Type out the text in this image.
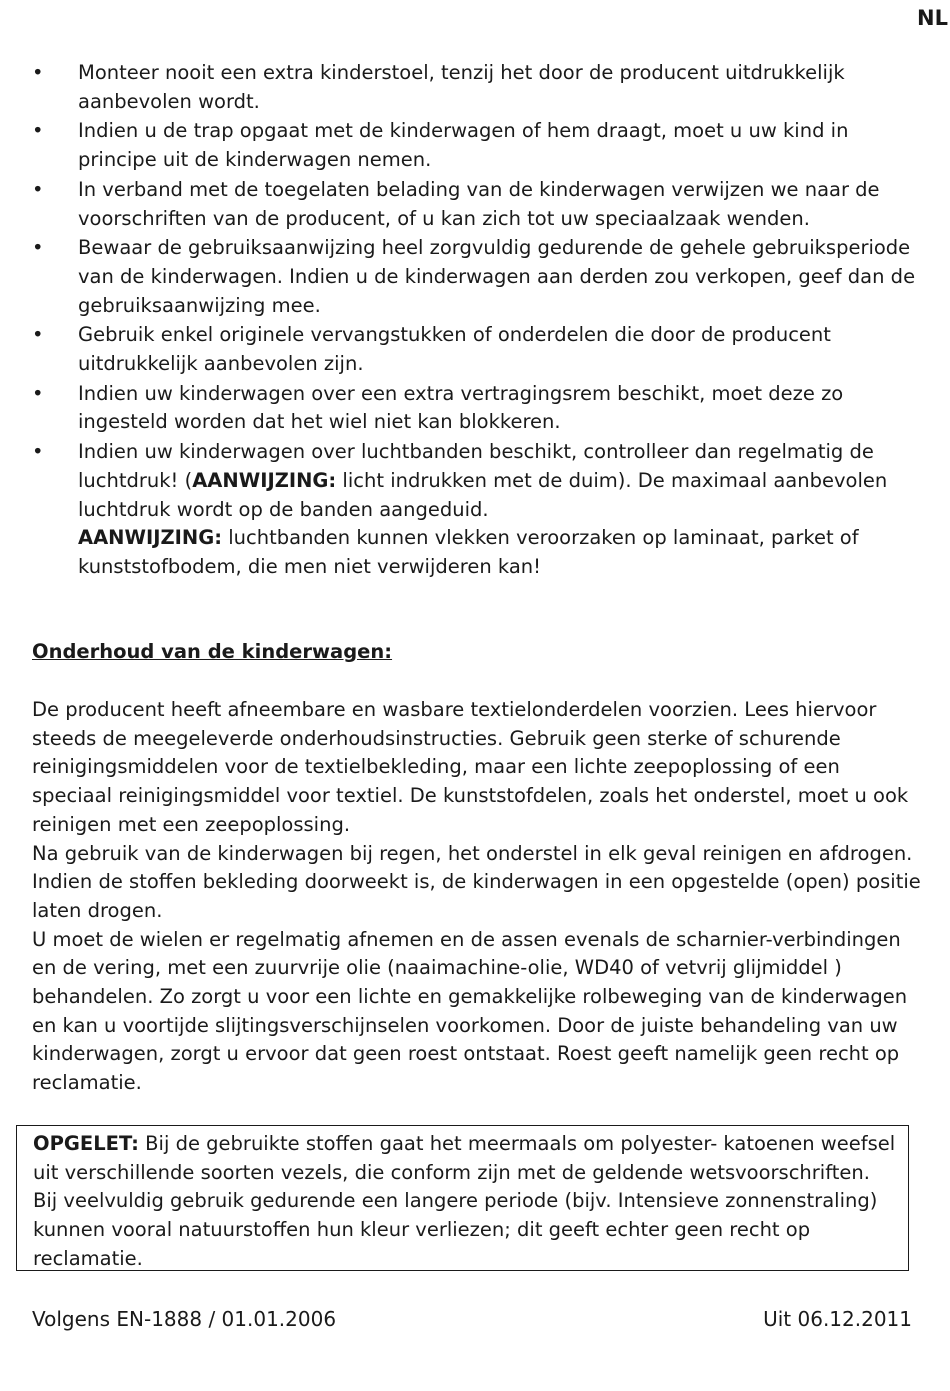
NL
• Monteer nooit een extra kinderstoel, tenzij het door de producent uitdrukkelijk aanbevolen wordt.
• Indien u de trap opgaat met de kinderwagen of hem draagt, moet u uw kind in principe uit de kinderwagen nemen.
• In verband met de toegelaten belading van de kinderwagen verwijzen we naar de voorschriften van de producent, of u kan zich tot uw speciaalzaak wenden.
• Bewaar de gebruiksaanwijzing heel zorgvuldig gedurende de gehele gebruiksperiode van de kinderwagen. Indien u de kinderwagen aan derden zou verkopen, geef dan de gebruiksaanwijzing mee.
• Gebruik enkel originele vervangstukken of onderdelen die door de producent uitdrukkelijk aanbevolen zijn.
• Indien uw kinderwagen over een extra vertragingsrem beschikt, moet deze zo ingesteld worden dat het wiel niet kan blokkeren.
• Indien uw kinderwagen over luchtbanden beschikt, controlleer dan regelmatig de luchtdruk! (AANWIJZING: licht indrukken met de duim). De maximaal aanbevolen luchtdruk wordt op de banden aangeduid.
AANWIJZING: luchtbanden kunnen vlekken veroorzaken op laminaat, parket of kunststofbodem, die men niet verwijderen kan!
Onderhoud van de kinderwagen:

De producent heeft afneembare en wasbare textielonderdelen voorzien. Lees hiervoor steeds de meegeleverde onderhoudsinstructies. Gebruik geen sterke of schurende reinigingsmiddelen voor de textielbekleding, maar een lichte zeepoplossing of een speciaal reinigingsmiddel voor textiel. De kunststofdelen, zoals het onderstel, moet u ook reinigen met een zeepoplossing.

Na gebruik van de kinderwagen bij regen, het onderstel in elk geval reinigen en afdrogen. Indien de stoffen bekleding doorweekt is, de kinderwagen in een opgestelde (open) positie laten drogen.

U moet de wielen er regelmatig afnemen en de assen evenals de scharnier-verbindingen en de vering, met een zuurvrije olie (naaimachine-olie, WD40 of vetvrij glijmiddel ) behandelen. Zo zorgt u voor een lichte en gemakkelijke rolbeweging van de kinderwagen en kan u voortijde slijtingsverschijnselen voorkomen. Door de juiste behandeling van uw kinderwagen, zorgt u ervoor dat geen roest ontstaat. Roest geeft namelijk geen recht op reclamatie.

OPGELET: Bij de gebruikte stoffen gaat het meermaals om polyester- katoenen weefsel uit verschillende soorten vezels, die conform zijn met de geldende wetsvoorschriften. Bij veelvuldig gebruik gedurende een langere periode (bijv. Intensieve zonnenstraling) kunnen vooral natuurstoffen hun kleur verliezen; dit geeft echter geen recht op reclamatie.
Volgens EN-1888 / 01.01.2006	Uit 06.12.2011
